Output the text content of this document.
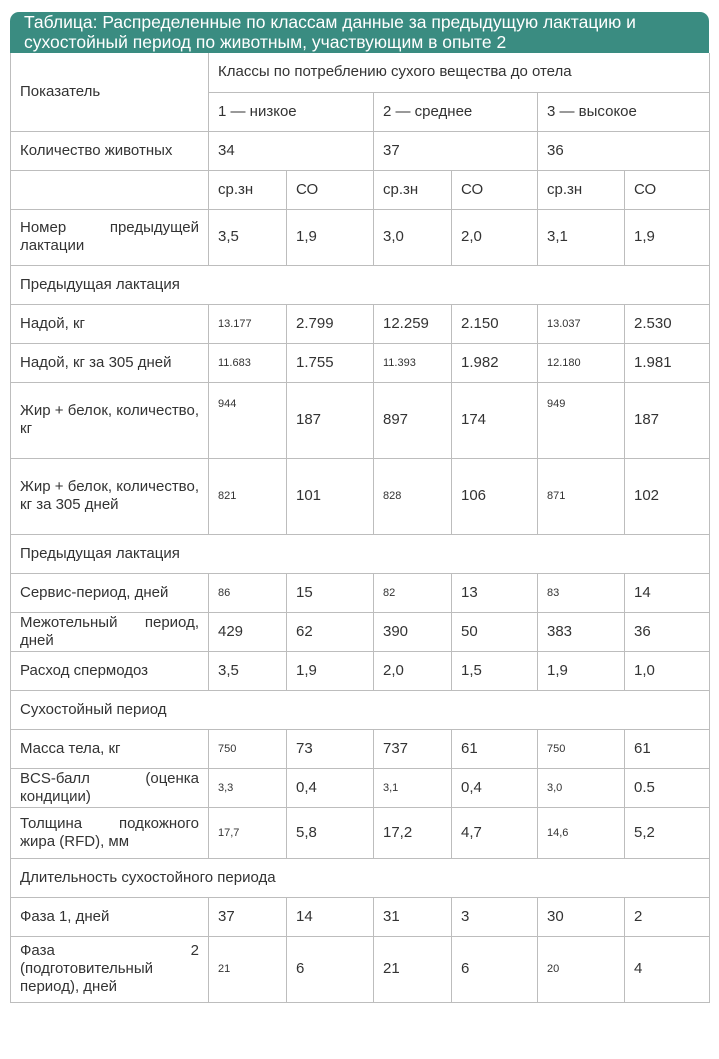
Таблица: Распределенные по классам данные за предыдущую лактацию и сухостойный период по животным, участвующим в опыте 2
Показатель	Классы по потреблению сухого вещества до отела					
	1 — низкое		2 — среднее		3 — высокое	
Количество животных	34		37		36	
	ср.зн	СО	ср.зн	СО	ср.зн	СО
Номер предыдущей лактации	3,5	1,9	3,0	2,0	3,1	1,9
Предыдущая лактация						
Надой, кг	13.177	2.799	12.259	2.150	13.037	2.530
Надой, кг за 305 дней	11.683	1.755	11.393	1.982	12.180	1.981
Жир + белок, количество, кг	944	187	897	174	949	187
Жир + белок, количество, кг за 305 дней	821	101	828	106	871	102
Предыдущая лактация						
Сервис-период, дней	86	15	82	13	83	14
Межотельный период, дней	429	62	390	50	383	36
Расход спермодоз	3,5	1,9	2,0	1,5	1,9	1,0
Сухостойный период						
Масса тела, кг	750	73	737	61	750	61
BCS-балл (оценка кондиции)	3,3	0,4	3,1	0,4	3,0	0.5
Толщина подкожного жира (RFD), мм	17,7	5,8	17,2	4,7	14,6	5,2
Длительность сухостойного периода						
Фаза 1, дней	37	14	31	3	30	2
Фаза 2 (подготовительный период), дней	21	6	21	6	20	4
